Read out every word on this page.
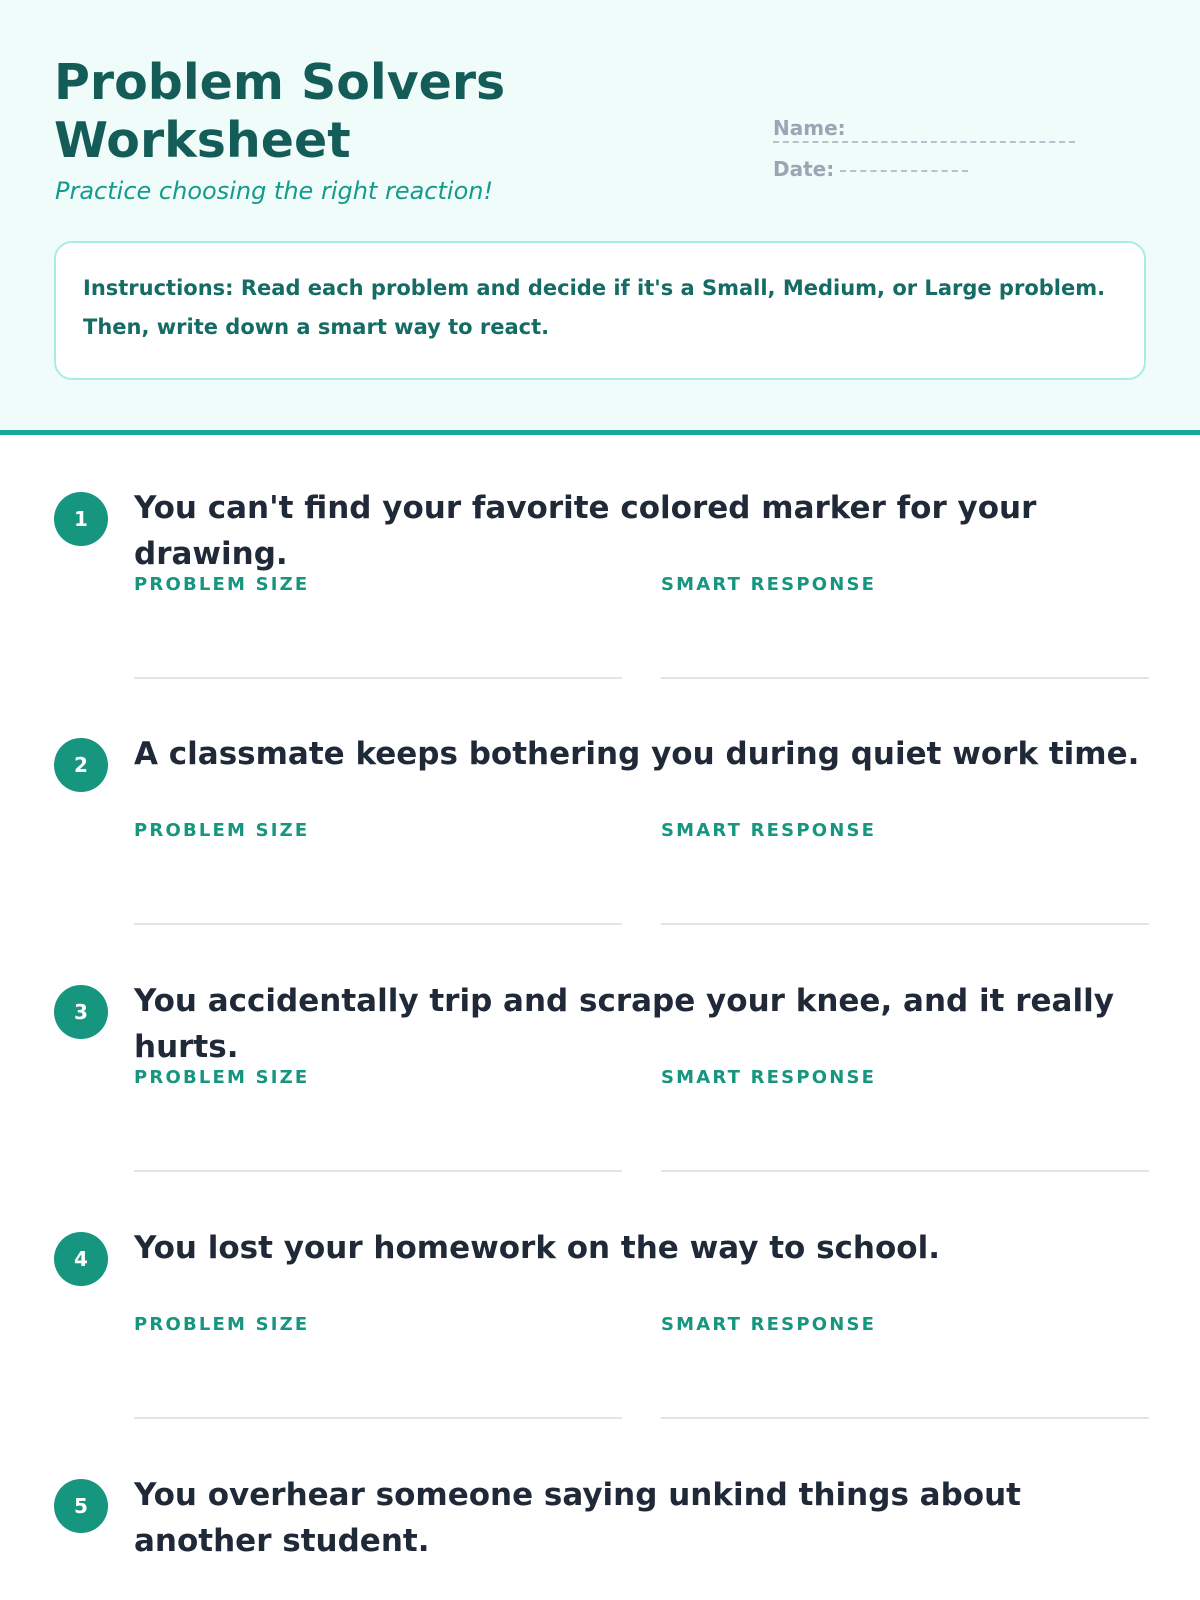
Problem Solvers Worksheet
Practice choosing the right reaction!
Name:
Date:
Instructions: Read each problem and decide if it's a Small, Medium, or Large problem. Then, write down a smart way to react.
1	You can't find your favorite colored marker for your drawing.

PROBLEM SIZE	SMART RESPONSE
2	A classmate keeps bothering you during quiet work time.

PROBLEM SIZE	SMART RESPONSE
3	You accidentally trip and scrape your knee, and it really hurts.

PROBLEM SIZE	SMART RESPONSE
4	You lost your homework on the way to school.

PROBLEM SIZE	SMART RESPONSE
5	You overhear someone saying unkind things about another student.
